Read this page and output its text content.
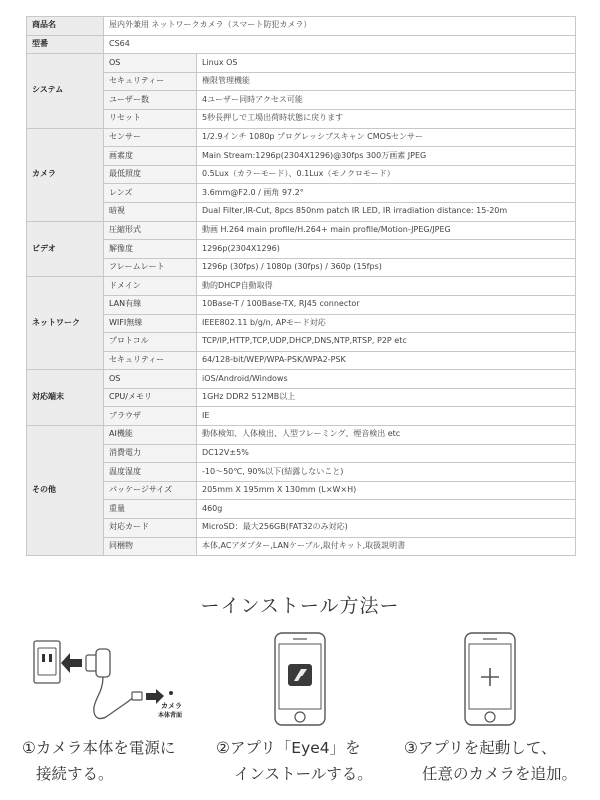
商品名	屋内外兼用 ネットワークカメラ（スマート防犯カメラ）	
型番	CS64	
システム	OS	Linux OS
	セキュリティー	権限管理機能
	ユーザー数	4ユーザー同時アクセス可能
	リセット	5秒長押しで工場出荷時状態に戻ります
カメラ	センサー	1/2.9インチ 1080p プログレッシブスキャン CMOSセンサー
	画素度	Main Stream:1296p(2304X1296)@30fps 300万画素 JPEG
	最低照度	0.5Lux（カラーモード）、0.1Lux（モノクロモード）
	レンズ	3.6mm@F2.0 / 画角 97.2°
	暗視	Dual Filter,IR-Cut, 8pcs 850nm patch IR LED, IR irradiation distance: 15-20m
ビデオ	圧縮形式	動画 H.264 main profile/H.264+ main profile/Motion-JPEG/JPEG
	解像度	1296p(2304X1296)
	フレームレート	1296p (30fps) / 1080p (30fps) / 360p (15fps)
ネットワーク	ドメイン	動的DHCP自動取得
	LAN有線	10Base-T / 100Base-TX, RJ45 connector
	WIFI無線	IEEE802.11 b/g/n, APモード対応
	プロトコル	TCP/IP,HTTP,TCP,UDP,DHCP,DNS,NTP,RTSP, P2P etc
	セキュリティー	64/128-bit/WEP/WPA-PSK/WPA2-PSK
対応端末	OS	iOS/Android/Windows
	CPU/メモリ	1GHz DDR2 512MB以上
	ブラウザ	IE
その他	AI機能	動体検知、人体検出、人型フレーミング、煙音検出 etc
	消費電力	DC12V±5%
	温度湿度	-10〜50℃, 90%以下(結露しないこと)
	パッケージサイズ	205mm X 195mm X 130mm (L×W×H)
	重量	460g
	対応カード	MicroSD：最大256GB(FAT32のみ対応)
	同梱物	本体,ACアダプター,LANケーブル,取付キット,取扱説明書
ーインストール方法ー
カメラ
本体背面
①カメラ本体を電源に
接続する。
②アプリ「Eye4」を
インストールする。
③アプリを起動して、
任意のカメラを追加。
